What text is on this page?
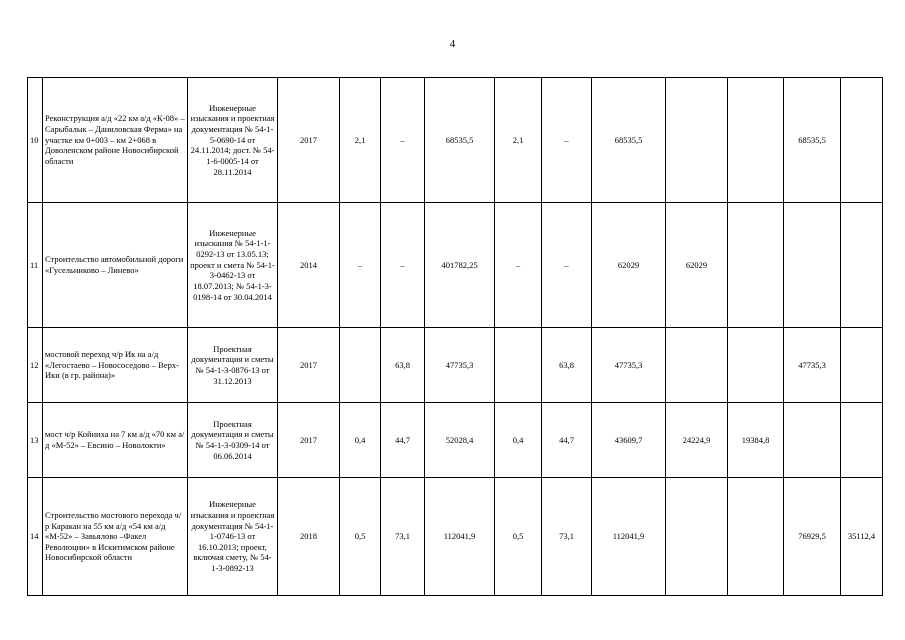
4
10	Реконструкция а/д «22 км а/д «К-08» – Сарыбалык – Даниловская Ферма» на участке км 0+003 – км 2+068 в Доволенском районе Новосибирской области	Инженерные изыскания и проектная документация № 54-1-5-0690-14 от 24.11.2014; дост. № 54-1-6-0005-14 от 28.11.2014	2017	2,1	–	68535,5	2,1	–	68535,5			68535,5	
11	Строительство автомобильной дороги «Гусельниково – Линево»	Инженерные изыскания № 54-1-1-0292-13 от 13.05.13; проект и смета № 54-1-3-0462-13 от 18.07.2013; № 54-1-3-0198-14 от 30.04.2014	2014	–	–	401782,25	–	–	62029	62029			
12	мостовой переход ч/р Ик на а/д «Легостаево – Новососедово – Верх-Ики (в гр. района)»	Проектная документация и сметы № 54-1-3-0876-13 от 31.12.2013	2017		63,8	47735,3		63,8	47735,3			47735,3	
13	мост ч/р Койниха на 7 км а/д «70 км а/д «М-52» – Евсино – Новолокти»	Проектная документация и сметы № 54-1-3-0309-14 от 06.06.2014	2017	0,4	44,7	52028,4	0,4	44,7	43609,7	24224,9	19384,8		
14	Строительство мостового перехода ч/р Каракан на 55 км а/д «54 км а/д «М-52» – Завьялово –Факел Революции» в Искитимском районе Новосибирской области	Инженерные изыскания и проектная документация № 54-1-1-0746-13 от 16.10.2013; проект, включая смету, № 54-1-3-0892-13	2018	0,5	73,1	112041,9	0,5	73,1	112041,9			76929,5	35112,4
